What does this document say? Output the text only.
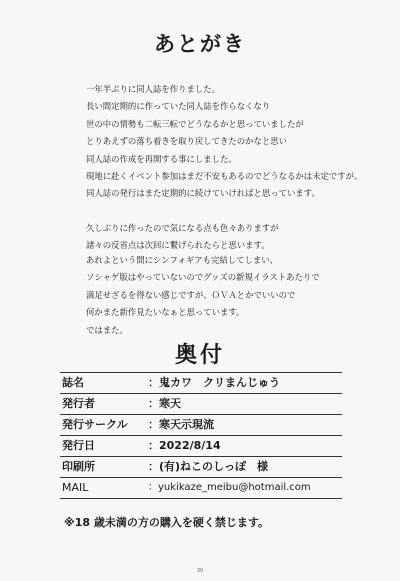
あとがき
一年半ぶりに同人誌を作りました。
長い間定期的に作っていた同人誌を作らなくなり
世の中の情勢も二転三転でどうなるかと思っていましたが
とりあえずの落ち着きを取り戻してきたのかなと思い
同人誌の作成を再開する事にしました。
現地に赴くイベント参加はまだ不安もあるのでどうなるかは未定ですが、
同人誌の発行はまた定期的に続けていければと思っています。
久しぶりに作ったので気になる点も色々ありますが
諸々の反省点は次回に繋げられたらと思います。
あれよという間にシンフォギアも完結してしまい、
ソシャゲ版はやっていないのでグッズの新規イラストあたりで
満足せざるを得ない感じですが、ＯＶＡとかでいいので
何かまた新作見たいなぁと思っています。
ではまた。
奥付
誌名	：鬼カワ　クリまんじゅう
発行者	：寒天
発行サークル ：寒天示現流
発行日	：2022/8/14
印刷所	：(有)ねこのしっぽ　様
MAIL	：yukikaze_meibu@hotmail.com
※18 歳未満の方の購入を硬く禁じます。
30
